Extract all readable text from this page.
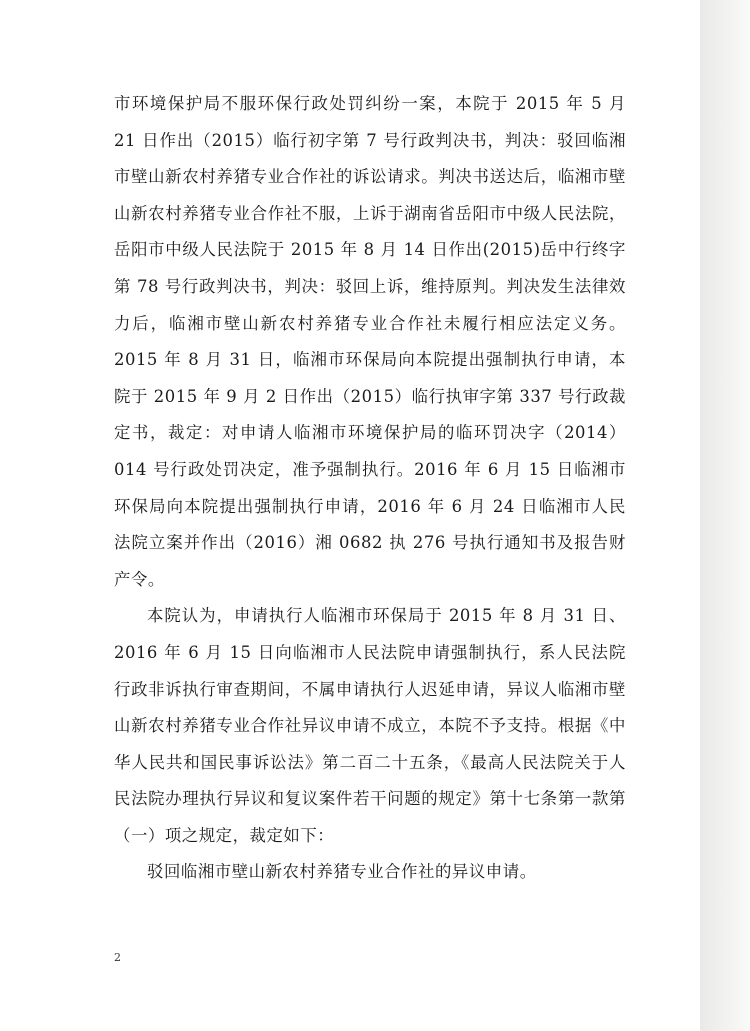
市环境保护局不服环保行政处罚纠纷一案，本院于 2015 年 5 月 21 日作出（2015）临行初字第 7 号行政判决书，判决：驳回临湘市壁山新农村养猪专业合作社的诉讼请求。判决书送达后，临湘市壁山新农村养猪专业合作社不服，上诉于湖南省岳阳市中级人民法院，岳阳市中级人民法院于 2015 年 8 月 14 日作出(2015)岳中行终字第 78 号行政判决书，判决：驳回上诉，维持原判。判决发生法律效力后，临湘市壁山新农村养猪专业合作社未履行相应法定义务。2015 年 8 月 31 日，临湘市环保局向本院提出强制执行申请，本院于 2015 年 9 月 2 日作出（2015）临行执审字第 337 号行政裁定书，裁定：对申请人临湘市环境保护局的临环罚决字（2014）014 号行政处罚决定，准予强制执行。2016 年 6 月 15 日临湘市环保局向本院提出强制执行申请，2016 年 6 月 24 日临湘市人民法院立案并作出（2016）湘 0682 执 276 号执行通知书及报告财产令。

本院认为，申请执行人临湘市环保局于 2015 年 8 月 31 日、2016 年 6 月 15 日向临湘市人民法院申请强制执行，系人民法院行政非诉执行审查期间，不属申请执行人迟延申请，异议人临湘市壁山新农村养猪专业合作社异议申请不成立，本院不予支持。根据《中华人民共和国民事诉讼法》第二百二十五条，《最高人民法院关于人民法院办理执行异议和复议案件若干问题的规定》第十七条第一款第（一）项之规定，裁定如下：

驳回临湘市壁山新农村养猪专业合作社的异议申请。

2
